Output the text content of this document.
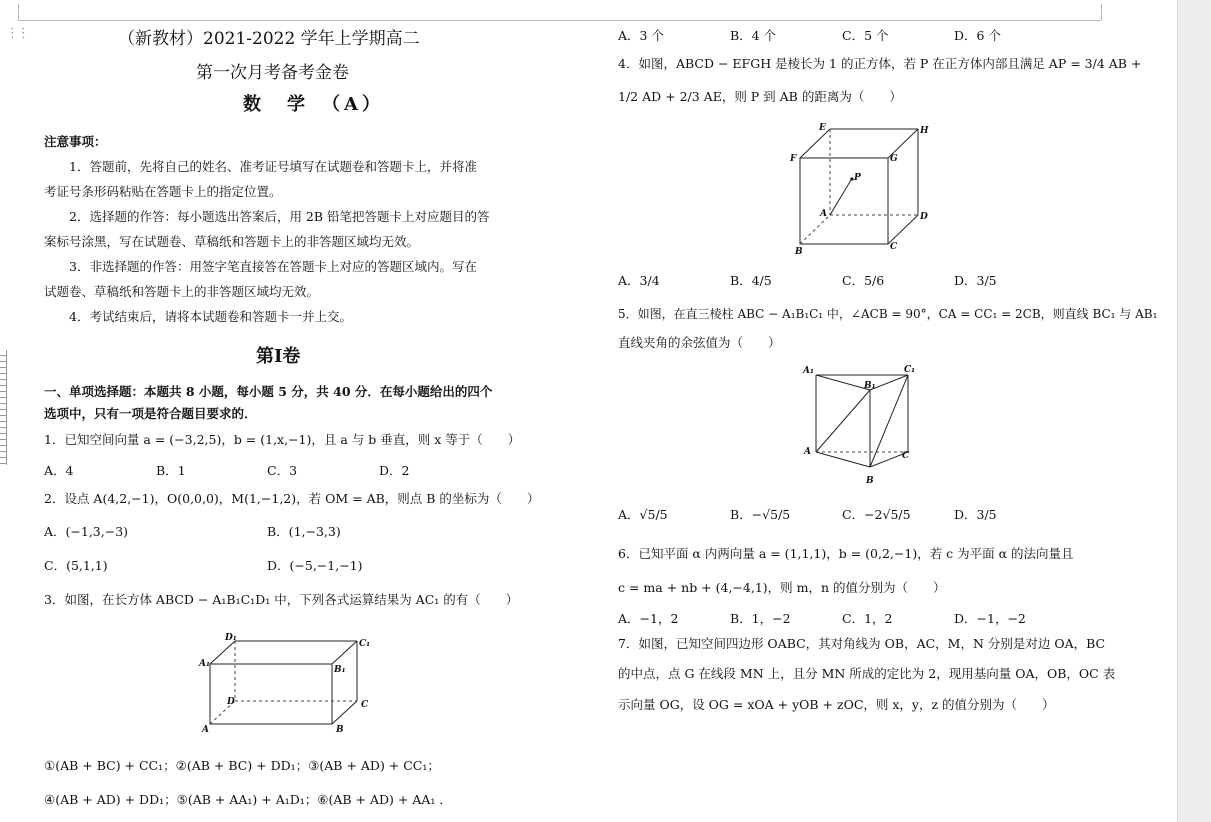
⋮⋮	（新教材）2021-2022 学年上学期高二
第一次月考备考金卷
数　学　（A）
注意事项：
　　1．答题前，先将自己的姓名、准考证号填写在试题卷和答题卡上，并将准
考证号条形码粘贴在答题卡上的指定位置。
　　2．选择题的作答：每小题选出答案后，用 2B 铅笔把答题卡上对应题目的答
案标号涂黑，写在试题卷、草稿纸和答题卡上的非答题区域均无效。
　　3．非选择题的作答：用签字笔直接答在答题卡上对应的答题区域内。写在
试题卷、草稿纸和答题卡上的非答题区域均无效。
　　4．考试结束后，请将本试题卷和答题卡一并上交。
第Ⅰ卷
一、单项选择题：本题共 8 小题，每小题 5 分，共 40 分．在每小题给出的四个
选项中，只有一项是符合题目要求的．
1．已知空间向量 a = (−3,2,5)，b = (1,x,−1)，且 a 与 b 垂直，则 x 等于（　　）
A．4	B．1	C．3	D．2
2．设点 A(4,2,−1)，O(0,0,0)，M(1,−1,2)，若 OM = AB，则点 B 的坐标为（　　）
A．(−1,3,−3)	B．(1,−3,3)
C．(5,1,1)	D．(−5,−1,−1)
3．如图，在长方体 ABCD − A₁B₁C₁D₁ 中，下列各式运算结果为 AC₁ 的有（　　）
D₁
C₁
A₁
B₁
D	C
A	B
①(AB + BC) + CC₁；②(AB + BC) + DD₁；③(AB + AD) + CC₁；
④(AB + AD) + DD₁；⑤(AB + AA₁) + A₁D₁；⑥(AB + AD) + AA₁ ．
A．3 个	B．4 个	C．5 个	D．6 个
4．如图，ABCD − EFGH 是棱长为 1 的正方体，若 P 在正方体内部且满足 AP = 3/4 AB +
1/2 AD + 2/3 AE，则 P 到 AB 的距离为（　　）
E	H
F	G
P
A	D
B	C
A．3/4	B．4/5	C．5/6	D．3/5
5．如图，在直三棱柱 ABC − A₁B₁C₁ 中，∠ACB = 90°，CA = CC₁ = 2CB，则直线 BC₁ 与 AB₁
直线夹角的余弦值为（　　）
A₁
B₁
C₁
A	C
B
A．√5/5	B．−√5/5	C．−2√5/5	D．3/5
6．已知平面 α 内两向量 a = (1,1,1)，b = (0,2,−1)，若 c 为平面 α 的法向量且
c = ma + nb + (4,−4,1)，则 m，n 的值分别为（　　）
A．−1，2	B．1，−2	C．1，2	D．−1，−2
7．如图，已知空间四边形 OABC，其对角线为 OB，AC，M，N 分别是对边 OA，BC
的中点，点 G 在线段 MN 上，且分 MN 所成的定比为 2，现用基向量 OA，OB，OC 表
示向量 OG，设 OG = xOA + yOB + zOC，则 x，y，z 的值分别为（　　）
